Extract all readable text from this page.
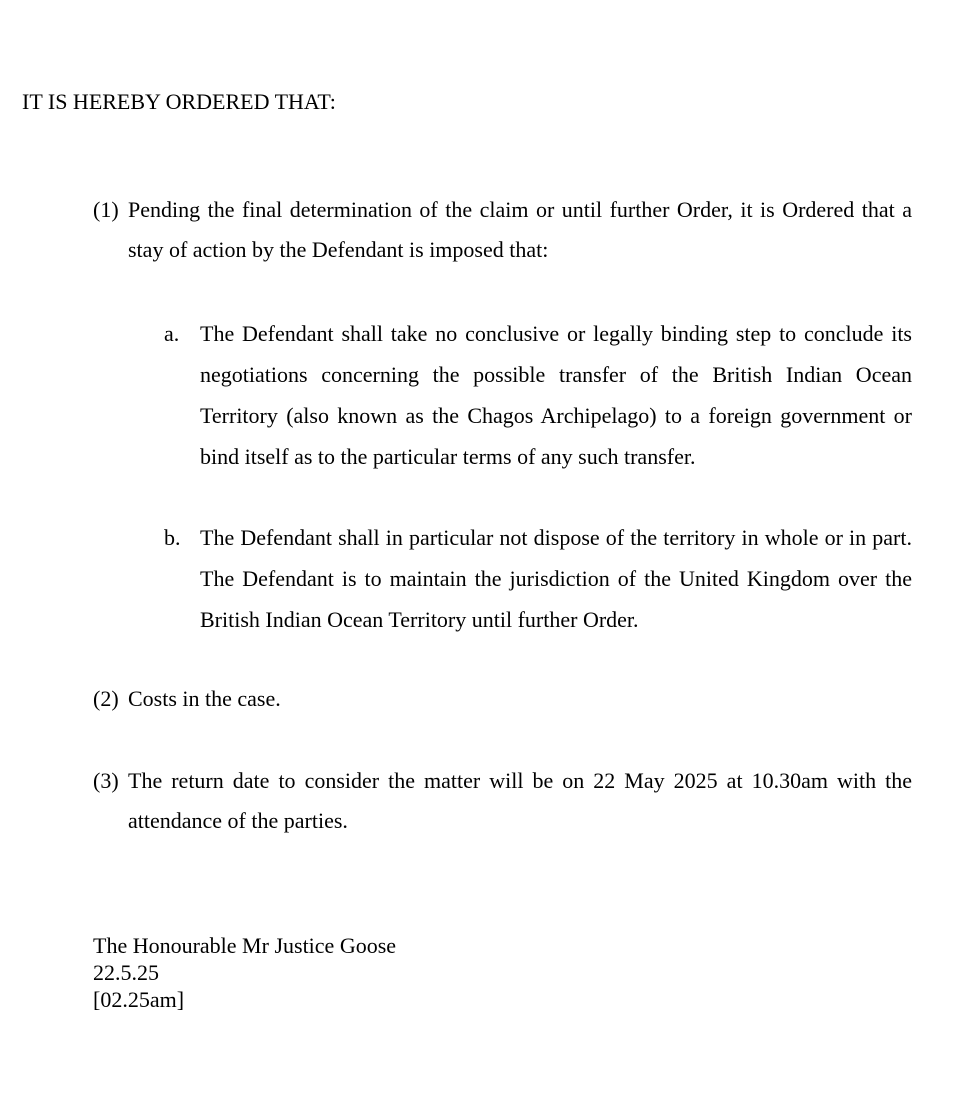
IT IS HEREBY ORDERED THAT:
(1) Pending the final determination of the claim or until further Order, it is Ordered that a stay of action by the Defendant is imposed that:
a. The Defendant shall take no conclusive or legally binding step to conclude its negotiations concerning the possible transfer of the British Indian Ocean Territory (also known as the Chagos Archipelago) to a foreign government or bind itself as to the particular terms of any such transfer.
b. The Defendant shall in particular not dispose of the territory in whole or in part. The Defendant is to maintain the jurisdiction of the United Kingdom over the British Indian Ocean Territory until further Order.
(2) Costs in the case.
(3) The return date to consider the matter will be on 22 May 2025 at 10.30am with the attendance of the parties.
The Honourable Mr Justice Goose
22.5.25
[02.25am]
